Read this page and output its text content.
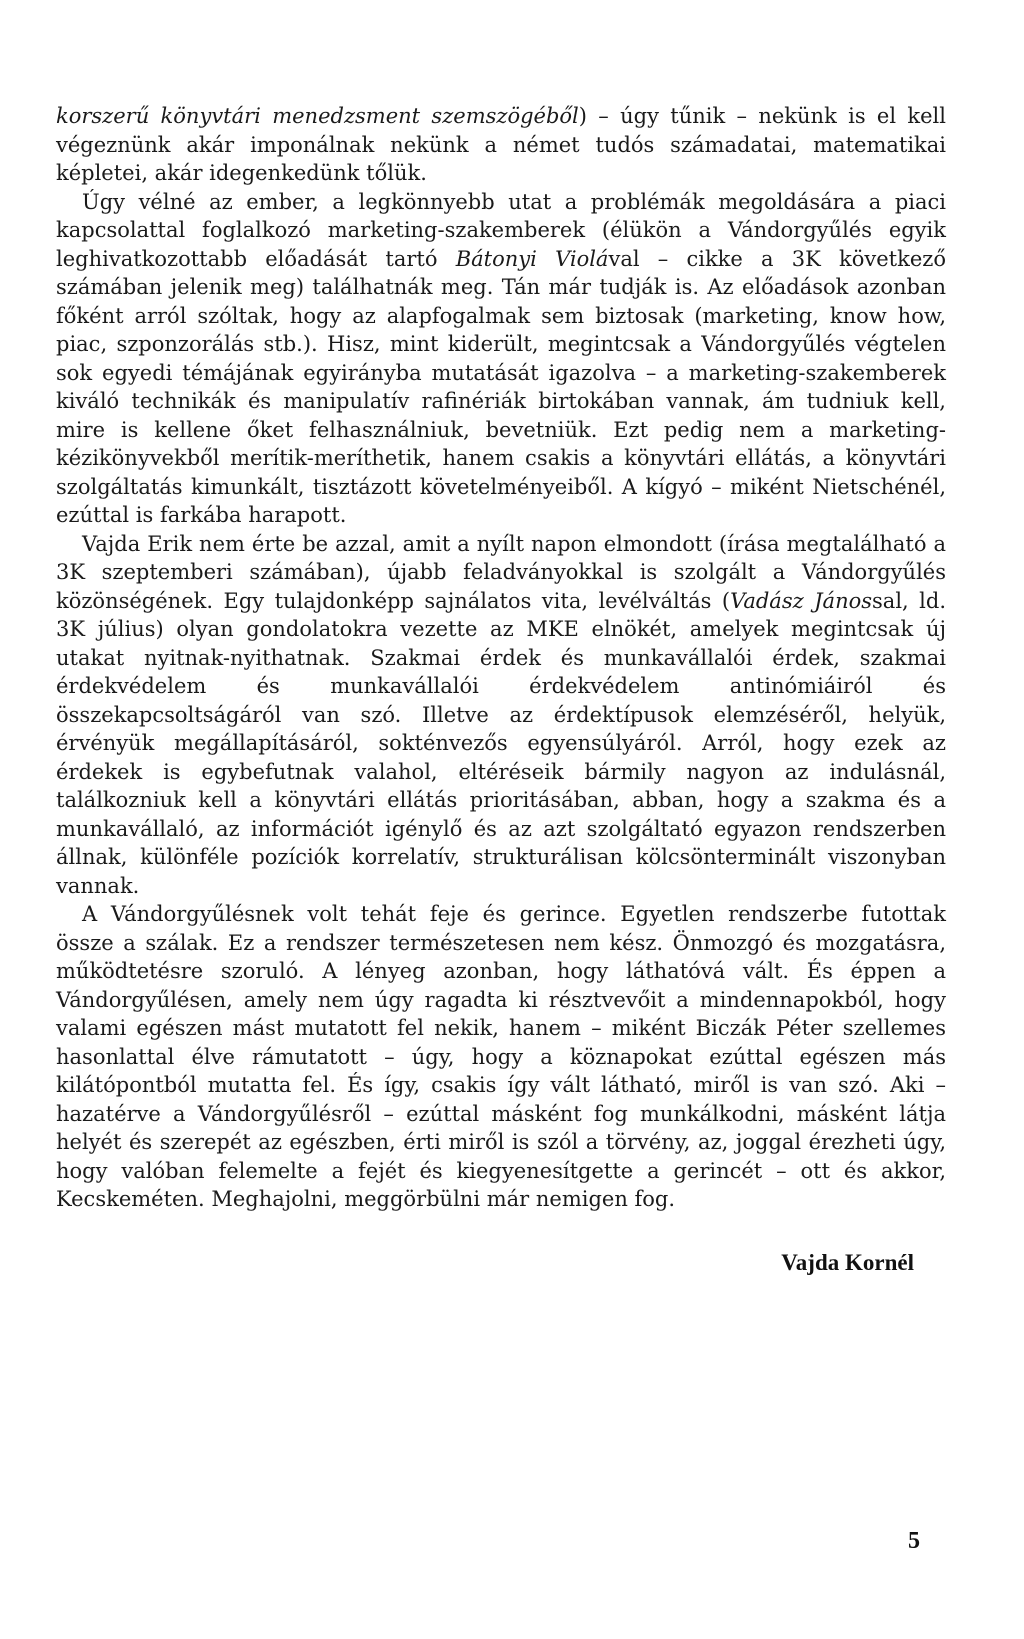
korszerű könyvtári menedzsment szemszögéből) – úgy tűnik – nekünk is el kell végeznünk akár imponálnak nekünk a német tudós számadatai, matematikai képletei, akár idegenkedünk tőlük.

Úgy vélné az ember, a legkönnyebb utat a problémák megoldására a piaci kapcsolattal foglalkozó marketing-szakemberek (élükön a Vándorgyűlés egyik leghivatkozottabb előadását tartó Bátonyi Violával – cikke a 3K következő számában jelenik meg) találhatnák meg. Tán már tudják is. Az előadások azonban főként arról szóltak, hogy az alapfogalmak sem biztosak (marketing, know how, piac, szponzorálás stb.). Hisz, mint kiderült, megintcsak a Vándorgyűlés végtelen sok egyedi témájának egyirányba mutatását igazolva – a marketing-szakemberek kiváló technikák és manipulatív rafinériák birtokában vannak, ám tudniuk kell, mire is kellene őket felhasználniuk, bevetniük. Ezt pedig nem a marketing-kézikönyvekből merítik-meríthetik, hanem csakis a könyvtári ellátás, a könyvtári szolgáltatás kimunkált, tisztázott követelményeiből. A kígyó – miként Nietschénél, ezúttal is farkába harapott.

Vajda Erik nem érte be azzal, amit a nyílt napon elmondott (írása megtalálható a 3K szeptemberi számában), újabb feladványokkal is szolgált a Vándorgyűlés közönségének. Egy tulajdonképp sajnálatos vita, levélváltás (Vadász Jánossal, ld. 3K július) olyan gondolatokra vezette az MKE elnökét, amelyek megintcsak új utakat nyitnak-nyithatnak. Szakmai érdek és munkavállalói érdek, szakmai érdekvédelem és munkavállalói érdekvédelem antinómiáiról és összekapcsoltságáról van szó. Illetve az érdektípusok elemzéséről, helyük, érvényük megállapításáról, sokténvezős egyensúlyáról. Arról, hogy ezek az érdekek is egybefutnak valahol, eltéréseik bármily nagyon az indulásnál, találkozniuk kell a könyvtári ellátás prioritásában, abban, hogy a szakma és a munkavállaló, az információt igénylő és az azt szolgáltató egyazon rendszerben állnak, különféle pozíciók korrelatív, strukturálisan kölcsönterminált viszonyban vannak.

A Vándorgyűlésnek volt tehát feje és gerince. Egyetlen rendszerbe futottak össze a szálak. Ez a rendszer természetesen nem kész. Önmozgó és mozgatásra, működtetésre szoruló. A lényeg azonban, hogy láthatóvá vált. És éppen a Vándorgyűlésen, amely nem úgy ragadta ki résztvevőit a mindennapokból, hogy valami egészen mást mutatott fel nekik, hanem – miként Biczák Péter szellemes hasonlattal élve rámutatott – úgy, hogy a köznapokat ezúttal egészen más kilátópontból mutatta fel. És így, csakis így vált látható, miről is van szó. Aki – hazatérve a Vándorgyűlésről – ezúttal másként fog munkálkodni, másként látja helyét és szerepét az egészben, érti miről is szól a törvény, az, joggal érezheti úgy, hogy valóban felemelte a fejét és kiegyenesítgette a gerincét – ott és akkor, Kecskeméten. Meghajolni, meggörbülni már nemigen fog.

Vajda Kornél
5
